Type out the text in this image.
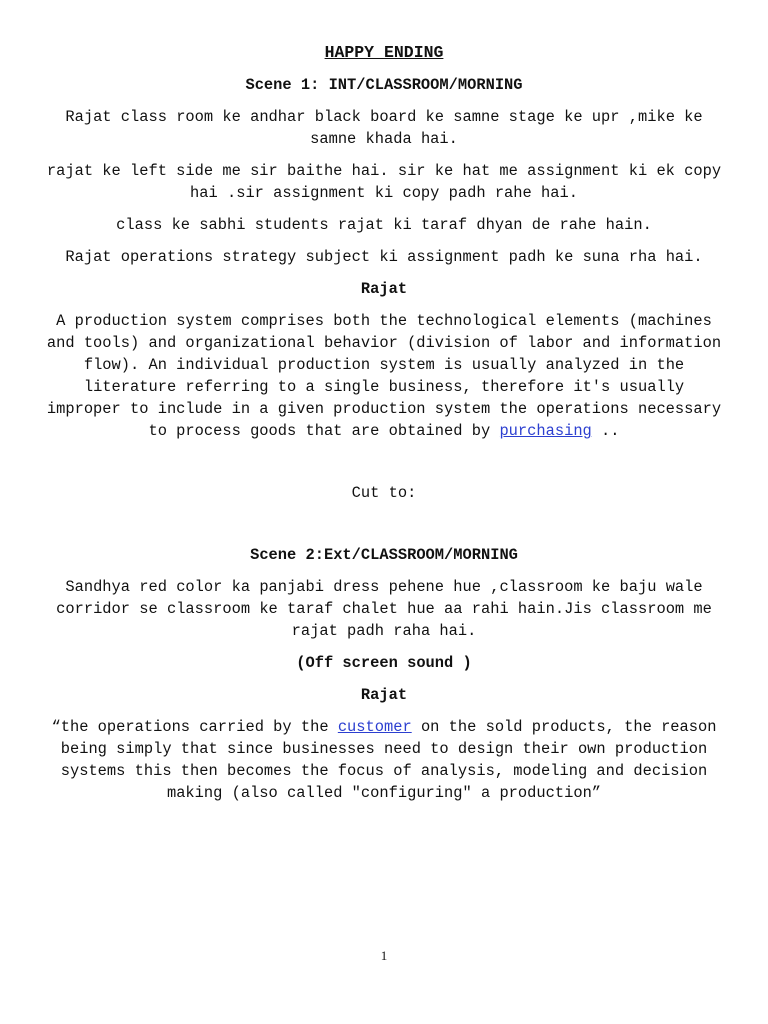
HAPPY ENDING
Scene 1: INT/CLASSROOM/MORNING
Rajat class room ke andhar black board ke samne stage ke upr ,mike ke samne khada hai.
rajat ke left side me sir baithe hai. sir ke hat me assignment ki ek copy hai .sir assignment ki copy padh rahe hai.
class ke sabhi students rajat ki taraf dhyan de rahe hain.
Rajat operations strategy subject ki assignment padh ke suna rha hai.
Rajat
A production system comprises both the technological elements (machines and tools) and organizational behavior (division of labor and information flow). An individual production system is usually analyzed in the literature referring to a single business, therefore it's usually improper to include in a given production system the operations necessary to process goods that are obtained by purchasing ..
Cut to:
Scene 2:Ext/CLASSROOM/MORNING
Sandhya red color ka panjabi dress pehene hue ,classroom ke baju wale corridor se classroom ke taraf chalet hue aa rahi hain.Jis classroom me rajat padh raha hai.
(Off screen sound )
Rajat
“the operations carried by the customer on the sold products, the reason being simply that since businesses need to design their own production systems this then becomes the focus of analysis, modeling and decision making (also called "configuring" a production”
1
